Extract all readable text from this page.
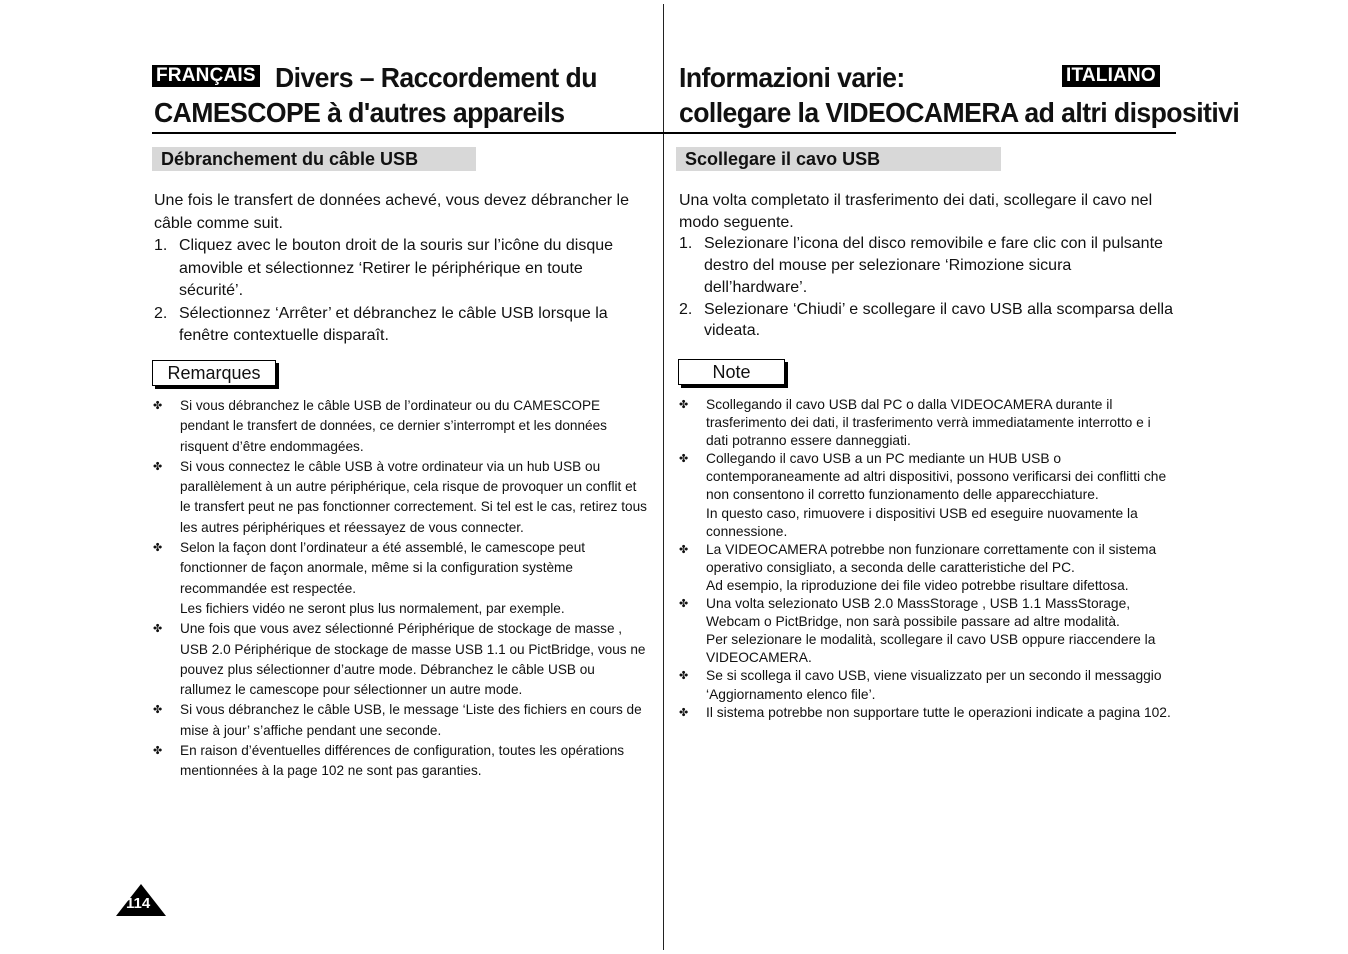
FRANÇAIS Divers – Raccordement du
CAMESCOPE à d'autres appareils
Débranchement du câble USB
Une fois le transfert de données achevé, vous devez débrancher le câble comme suit.
1. Cliquez avec le bouton droit de la souris sur l’icône du disque amovible et sélectionnez ‘Retirer le périphérique en toute sécurité’.
2. Sélectionnez ‘Arrêter’ et débranchez le câble USB lorsque la fenêtre contextuelle disparaît.
Remarques
✤ Si vous débranchez le câble USB de l’ordinateur ou du CAMESCOPE pendant le transfert de données, ce dernier s’interrompt et les données risquent d’être endommagées.
✤ Si vous connectez le câble USB à votre ordinateur via un hub USB ou parallèlement à un autre périphérique, cela risque de provoquer un conflit et le transfert peut ne pas fonctionner correctement. Si tel est le cas, retirez tous les autres périphériques et réessayez de vous connecter.
✤ Selon la façon dont l’ordinateur a été assemblé, le camescope peut fonctionner de façon anormale, même si la configuration système recommandée est respectée.
Les fichiers vidéo ne seront plus lus normalement, par exemple.
✤ Une fois que vous avez sélectionné Périphérique de stockage de masse , USB 2.0 Périphérique de stockage de masse USB 1.1 ou PictBridge, vous ne pouvez plus sélectionner d’autre mode. Débranchez le câble USB ou rallumez le camescope pour sélectionner un autre mode.
✤ Si vous débranchez le câble USB, le message ‘Liste des fichiers en cours de mise à jour’ s’affiche pendant une seconde.
✤ En raison d’éventuelles différences de configuration, toutes les opérations mentionnées à la page 102 ne sont pas garanties.
Informazioni varie:	ITALIANO
collegare la VIDEOCAMERA ad altri dispositivi
Scollegare il cavo USB
Una volta completato il trasferimento dei dati, scollegare il cavo nel modo seguente.
1. Selezionare l’icona del disco removibile e fare clic con il pulsante destro del mouse per selezionare ‘Rimozione sicura dell’hardware’.
2. Selezionare ‘Chiudi’ e scollegare il cavo USB alla scomparsa della videata.
Note
✤ Scollegando il cavo USB dal PC o dalla VIDEOCAMERA durante il trasferimento dei dati, il trasferimento verrà immediatamente interrotto e i dati potranno essere danneggiati.
✤ Collegando il cavo USB a un PC mediante un HUB USB o contemporaneamente ad altri dispositivi, possono verificarsi dei conflitti che non consentono il corretto funzionamento delle apparecchiature.
In questo caso, rimuovere i dispositivi USB ed eseguire nuovamente la connessione.
✤ La VIDEOCAMERA potrebbe non funzionare correttamente con il sistema operativo consigliato, a seconda delle caratteristiche del PC.
Ad esempio, la riproduzione dei file video potrebbe risultare difettosa.
✤ Una volta selezionato USB 2.0 MassStorage , USB 1.1 MassStorage, Webcam o PictBridge, non sarà possibile passare ad altre modalità.
Per selezionare le modalità, scollegare il cavo USB oppure riaccendere la VIDEOCAMERA.
✤ Se si scollega il cavo USB, viene visualizzato per un secondo il messaggio ‘Aggiornamento elenco file’.
✤ Il sistema potrebbe non supportare tutte le operazioni indicate a pagina 102.
114
